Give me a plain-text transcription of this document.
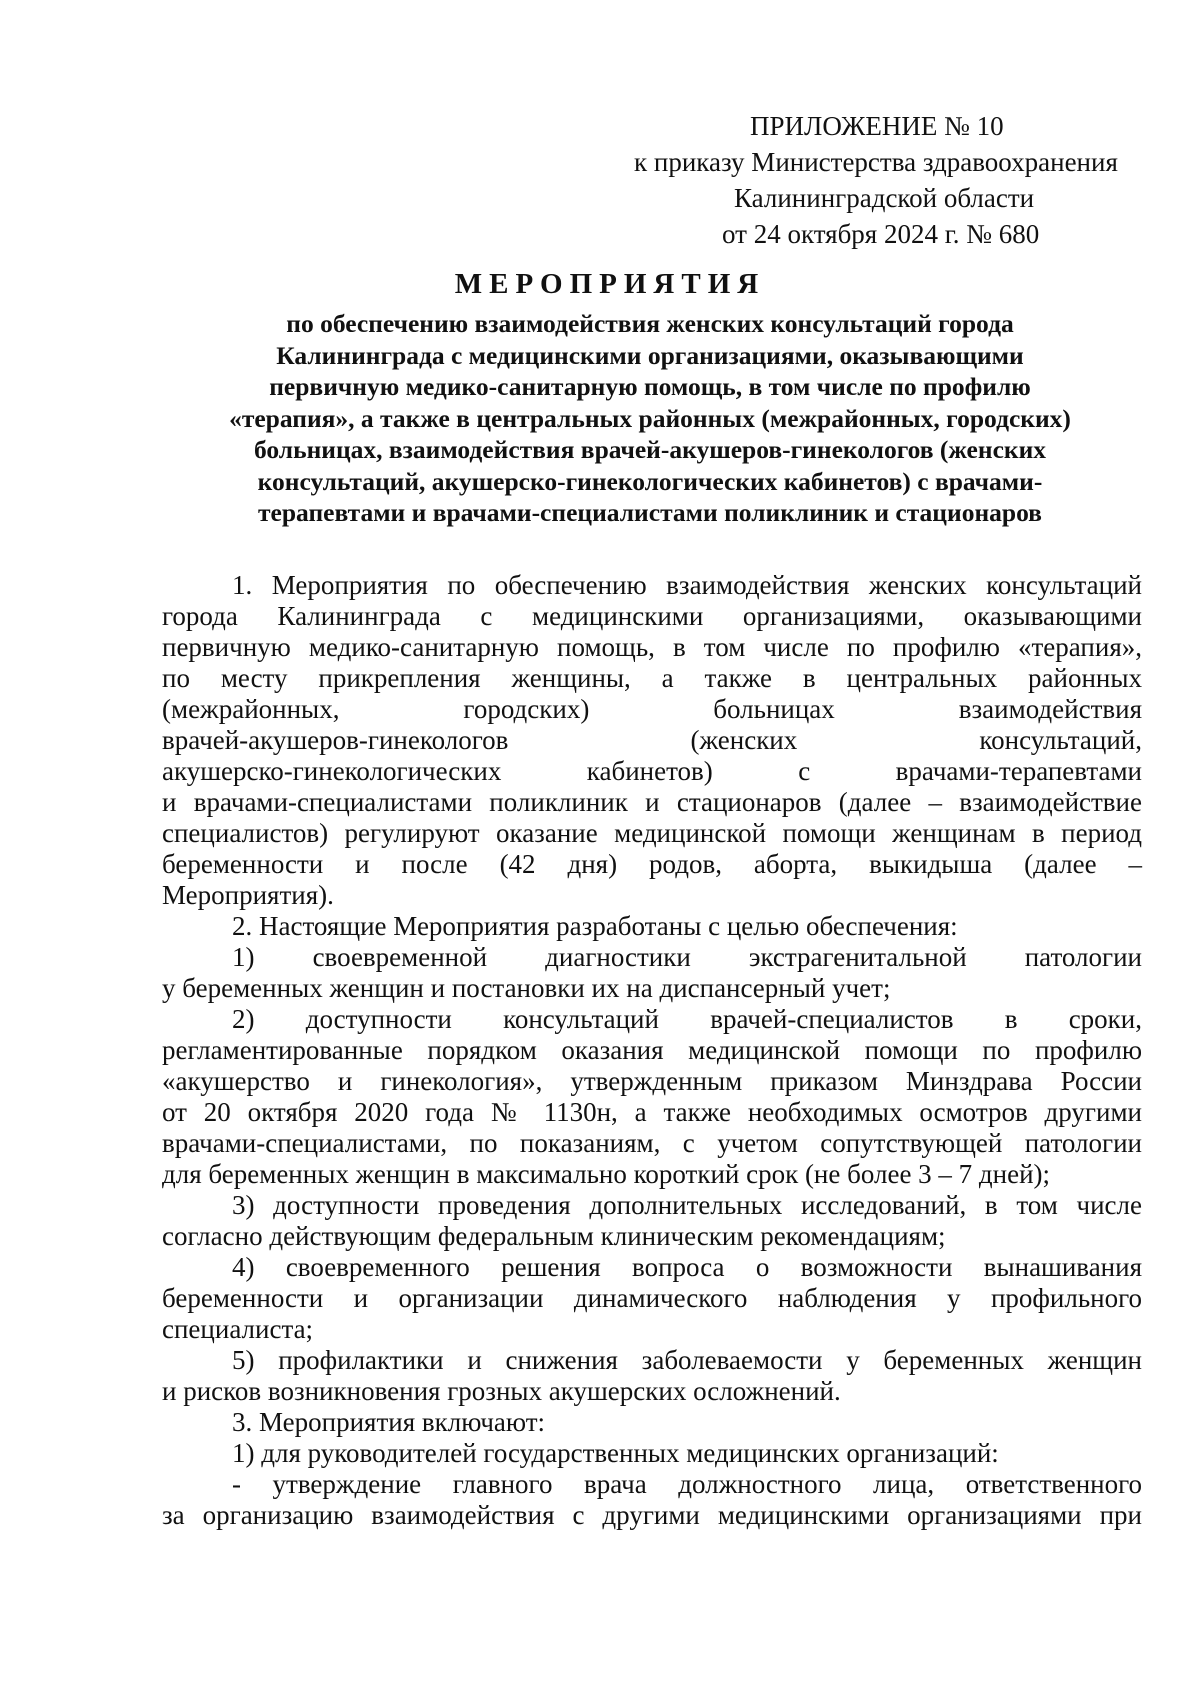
ПРИЛОЖЕНИЕ № 10
к приказу Министерства здравоохранения
Калининградской области
от 24 октября 2024 г. № 680
МЕРОПРИЯТИЯ
по обеспечению взаимодействия женских консультаций города
Калининграда с медицинскими организациями, оказывающими
первичную медико-санитарную помощь, в том числе по профилю
«терапия», а также в центральных районных (межрайонных, городских)
больницах, взаимодействия врачей-акушеров-гинекологов (женских
консультаций, акушерско-гинекологических кабинетов) с врачами-
терапевтами и врачами-специалистами поликлиник и стационаров
1. Мероприятия по обеспечению взаимодействия женских консультаций
города Калининграда с медицинскими организациями, оказывающими
первичную медико-санитарную помощь, в том числе по профилю «терапия»,
по месту прикрепления женщины, а также в центральных районных
(межрайонных, городских) больницах взаимодействия
врачей-акушеров-гинекологов (женских консультаций,
акушерско-гинекологических кабинетов) с врачами-терапевтами
и врачами-специалистами поликлиник и стационаров (далее – взаимодействие
специалистов) регулируют оказание медицинской помощи женщинам в период
беременности и после (42 дня) родов, аборта, выкидыша (далее –
Мероприятия).
2. Настоящие Мероприятия разработаны с целью обеспечения:
1) своевременной диагностики экстрагенитальной патологии
у беременных женщин и постановки их на диспансерный учет;
2) доступности консультаций врачей-специалистов в сроки,
регламентированные порядком оказания медицинской помощи по профилю
«акушерство и гинекология», утвержденным приказом Минздрава России
от 20 октября 2020 года № 1130н, а также необходимых осмотров другими
врачами-специалистами, по показаниям, с учетом сопутствующей патологии
для беременных женщин в максимально короткий срок (не более 3 – 7 дней);
3) доступности проведения дополнительных исследований, в том числе
согласно действующим федеральным клиническим рекомендациям;
4) своевременного решения вопроса о возможности вынашивания
беременности и организации динамического наблюдения у профильного
специалиста;
5) профилактики и снижения заболеваемости у беременных женщин
и рисков возникновения грозных акушерских осложнений.
3. Мероприятия включают:
1) для руководителей государственных медицинских организаций:
- утверждение главного врача должностного лица, ответственного
за организацию взаимодействия с другими медицинскими организациями при
